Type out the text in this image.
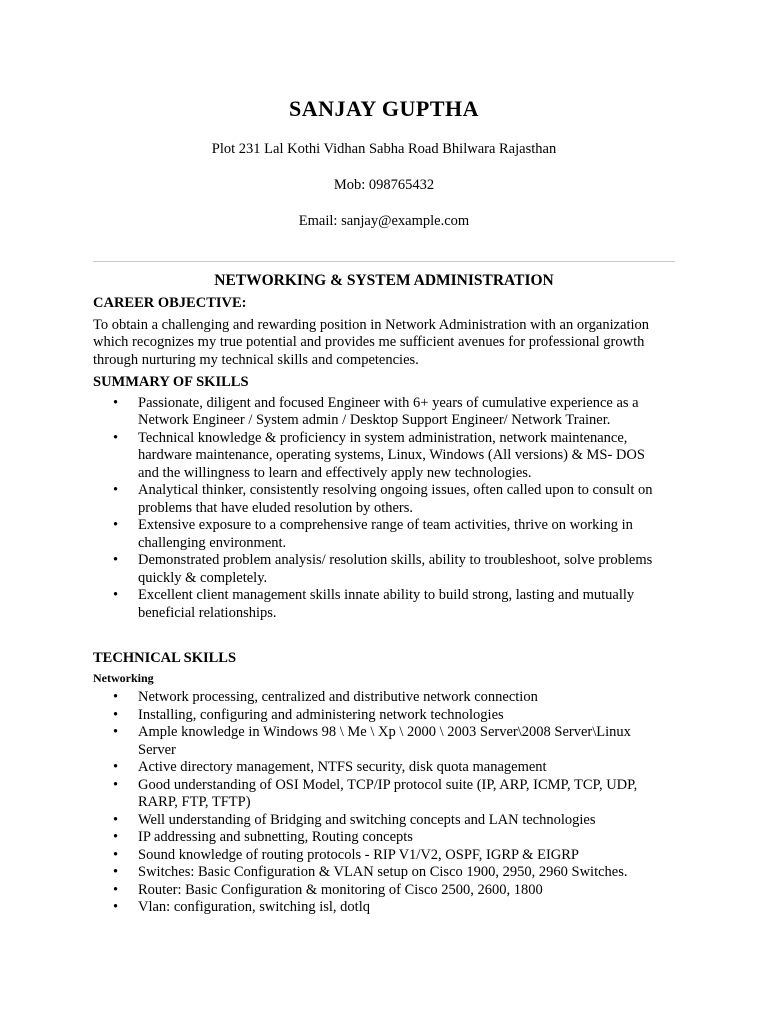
SANJAY GUPTHA

Plot 231 Lal Kothi Vidhan Sabha Road Bhilwara Rajasthan

Mob: 098765432

Email: sanjay@example.com

NETWORKING & SYSTEM ADMINISTRATION
CAREER OBJECTIVE:
To obtain a challenging and rewarding position in Network Administration with an organization
which recognizes my true potential and provides me sufficient avenues for professional growth
through nurturing my technical skills and competencies.
SUMMARY OF SKILLS
• Passionate, diligent and focused Engineer with 6+ years of cumulative experience as a
Network Engineer / System admin / Desktop Support Engineer/ Network Trainer.
• Technical knowledge & proficiency in system administration, network maintenance,
hardware maintenance, operating systems, Linux, Windows (All versions) & MS- DOS
and the willingness to learn and effectively apply new technologies.
• Analytical thinker, consistently resolving ongoing issues, often called upon to consult on
problems that have eluded resolution by others.
• Extensive exposure to a comprehensive range of team activities, thrive on working in
challenging environment.
• Demonstrated problem analysis/ resolution skills, ability to troubleshoot, solve problems
quickly & completely.
• Excellent client management skills innate ability to build strong, lasting and mutually
beneficial relationships.
TECHNICAL SKILLS
Networking
• Network processing, centralized and distributive network connection
• Installing, configuring and administering network technologies
• Ample knowledge in Windows 98 \ Me \ Xp \ 2000 \ 2003 Server\2008 Server\Linux
Server
• Active directory management, NTFS security, disk quota management
• Good understanding of OSI Model, TCP/IP protocol suite (IP, ARP, ICMP, TCP, UDP,
RARP, FTP, TFTP)
• Well understanding of Bridging and switching concepts and LAN technologies
• IP addressing and subnetting, Routing concepts
• Sound knowledge of routing protocols - RIP V1/V2, OSPF, IGRP & EIGRP
• Switches: Basic Configuration & VLAN setup on Cisco 1900, 2950, 2960 Switches.
• Router: Basic Configuration & monitoring of Cisco 2500, 2600, 1800
• Vlan: configuration, switching isl, dotlq
